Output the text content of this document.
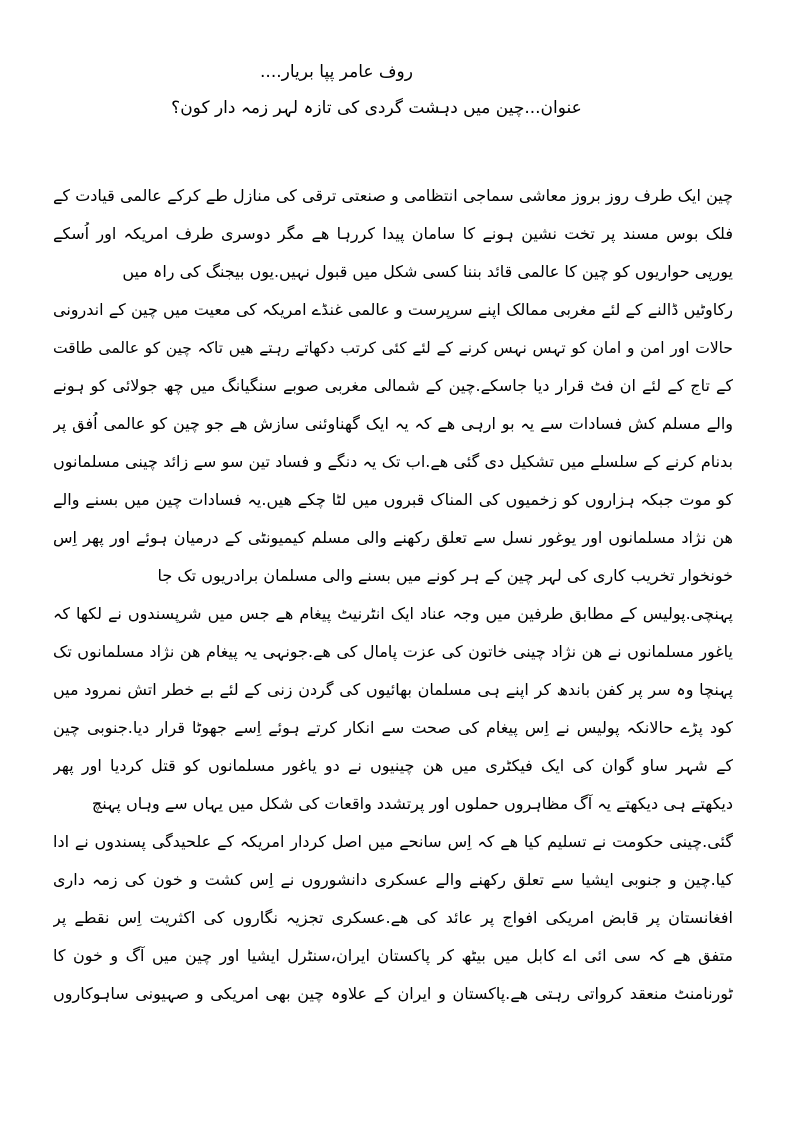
روف عامر پپا بریار....
عنوان...چین میں دہشت گردی کی تازہ لہر زمہ دار کون؟
چین ایک طرف روز بروز معاشی سماجی انتظامی و صنعتی ترقی کی منازل طے کرکے عالمی قیادت کے
فلک بوس مسند پر تخت نشین ہونے کا سامان پیدا کررہا ھے مگر دوسری طرف امریکہ اور اُسکے
یورپی حواریوں کو چین کا عالمی قائد بننا کسی شکل میں قبول نہیں.یوں بیجنگ کی راہ میں
رکاوٹیں ڈالنے کے لئے مغربی ممالک اپنے سرپرست و عالمی غنڈے امریکہ کی معیت میں چین کے اندرونی
حالات اور امن و امان کو تہس نہس کرنے کے لئے کئی کرتب دکھاتے رہتے ھیں تاکہ چین کو عالمی طاقت
کے تاج کے لئے ان فٹ قرار دیا جاسکے.چین کے شمالی مغربی صوبے سنگیانگ میں چھ جولائی کو ہونے
والے مسلم کش فسادات سے یہ بو ارہی ھے کہ یہ ایک گھناوئنی سازش ھے جو چین کو عالمی اُفق پر
بدنام کرنے کے سلسلے میں تشکیل دی گئی ھے.اب تک یہ دنگے و فساد تین سو سے زائد چینی مسلمانوں
کو موت جبکہ ہزاروں کو زخمیوں کی المناک قبروں میں لٹا چکے ھیں.یہ فسادات چین میں بسنے والے
ھن نژاد مسلمانوں اور یوغور نسل سے تعلق رکھنے والی مسلم کیمیونٹی کے درمیان ہوئے اور پھر اِس
خونخوار تخریب کاری کی لہر چین کے ہر کونے میں بسنے والی مسلمان برادریوں تک جا
پہنچی.پولیس کے مطابق طرفین میں وجہ عناد ایک انٹرنیٹ پیغام ھے جس میں شرپسندوں نے لکھا کہ
یاغور مسلمانوں نے ھن نژاد چینی خاتون کی عزت پامال کی ھے.جونہی یہ پیغام ھن نژاد مسلمانوں تک
پہنچا وہ سر پر کفن باندھ کر اپنے ہی مسلمان بھائیوں کی گردن زنی کے لئے بے خطر اتش نمرود میں
کود پڑے حالانکہ پولیس نے اِس پیغام کی صحت سے انکار کرتے ہوئے اِسے جھوٹا قرار دیا.جنوبی چین
کے شہر ساو گوان کی ایک فیکٹری میں ھن چینیوں نے دو یاغور مسلمانوں کو قتل کردیا اور پھر
دیکھتے ہی دیکھتے یہ آگ مظاہروں حملوں اور پرتشدد واقعات کی شکل میں یہاں سے وہاں پہنچ
گئی.چینی حکومت نے تسلیم کیا ھے کہ اِس سانحے میں اصل کردار امریکہ کے علحیدگی پسندوں نے ادا
کیا.چین و جنوبی ایشیا سے تعلق رکھنے والے عسکری دانشوروں نے اِس کشت و خون کی زمہ داری
افغانستان پر قابض امریکی افواج پر عائد کی ھے.عسکری تجزیہ نگاروں کی اکثریت اِس نقطے پر
متفق ھے کہ سی ائی اے کابل میں بیٹھ کر پاکستان ایران،سنٹرل ایشیا اور چین میں آگ و خون کا
ٹورنامنٹ منعقد کرواتی رہتی ھے.پاکستان و ایران کے علاوہ چین بھی امریکی و صہیونی ساہوکاروں
